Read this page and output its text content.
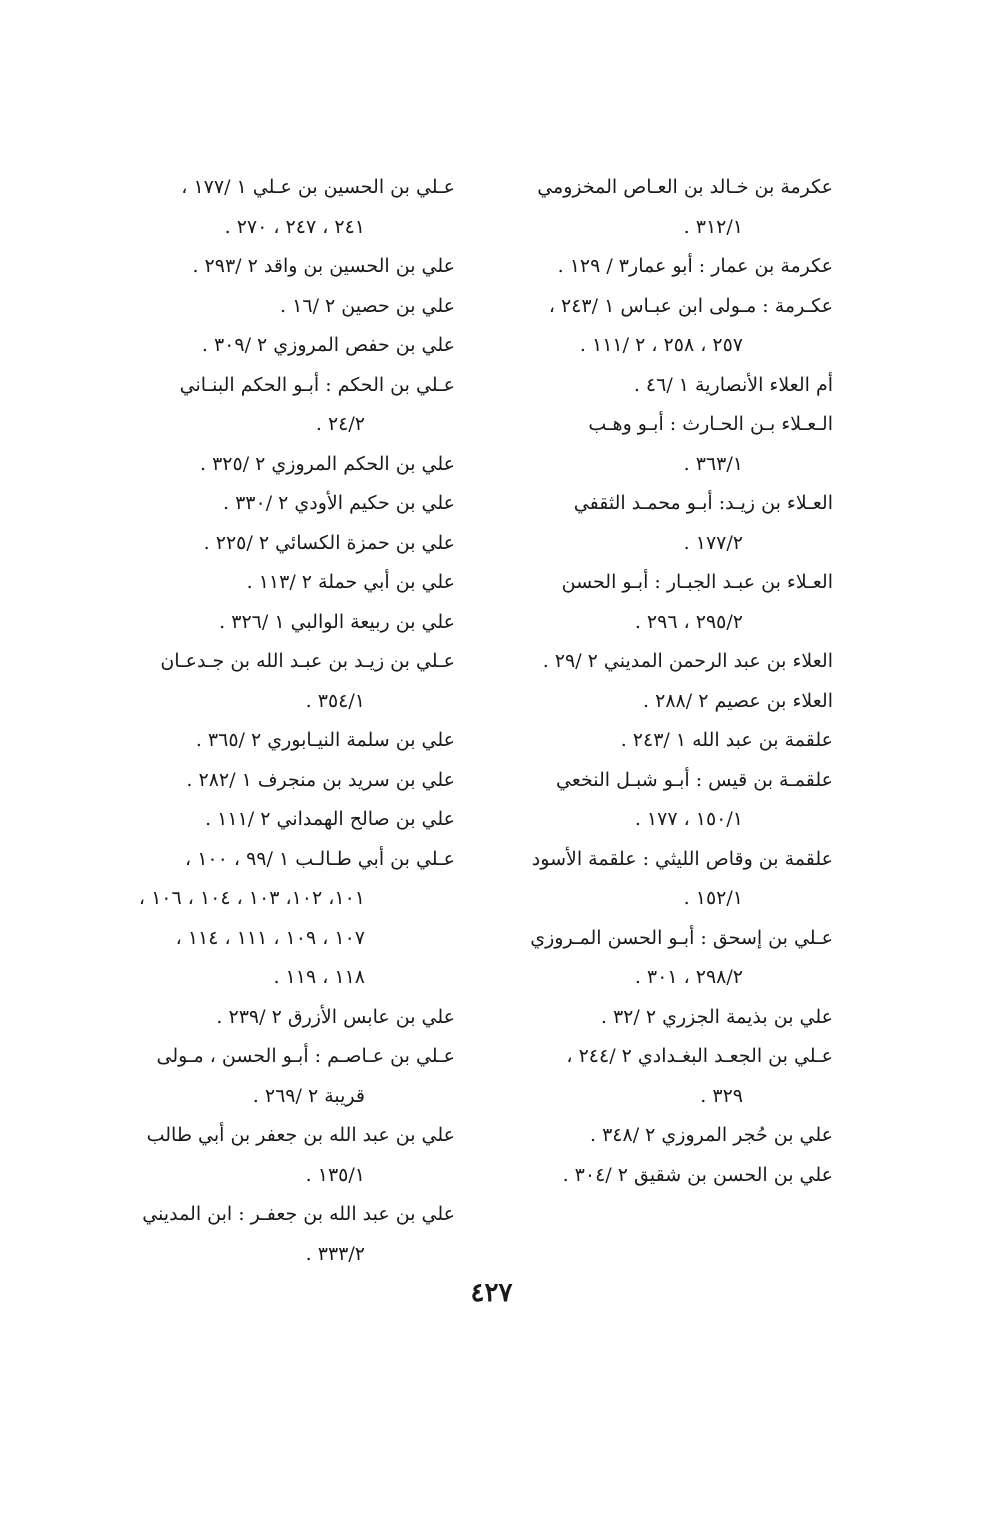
عكرمة بن خـالد بن العـاص المخزومي
٣١٢/١ .
عكرمة بن عمار : أبو عمار٣ / ١٢٩ .
عكـرمة : مـولى ابن عبـاس ١ /٢٤٣ ،
٢٥٧ ، ٢٥٨ ، ٢ /١١١ .
أم العلاء الأنصارية ١ /٤٦ .
الـعـلاء بـن الحـارث : أبـو وهـب
٣٦٣/١ .
العـلاء بن زيـد: أبـو محمـد الثقفي
١٧٧/٢ .
العـلاء بن عبـد الجبـار : أبـو الحسن
٢٩٥/٢ ، ٢٩٦ .
العلاء بن عبد الرحمن المديني ٢ /٢٩ .
العلاء بن عصيم ٢ /٢٨٨ .
علقمة بن عبد الله ١ /٢٤٣ .
علقمـة بن قيس : أبـو شبـل النخعي
١٥٠/١ ، ١٧٧ .
علقمة بن وقاص الليثي : علقمة الأسود
١٥٢/١ .
عـلي بن إسحق : أبـو الحسن المـروزي
٢٩٨/٢ ، ٣٠١ .
علي بن بذيمة الجزري ٢ /٣٢ .
عـلي بن الجعـد البغـدادي ٢ /٢٤٤ ،
٣٢٩ .
علي بن حُجر المروزي ٢ /٣٤٨ .
علي بن الحسن بن شقيق ٢ /٣٠٤ .
عـلي بن الحسين بن عـلي ١ /١٧٧ ،
٢٤١ ، ٢٤٧ ، ٢٧٠ .
علي بن الحسين بن واقد ٢ /٢٩٣ .
علي بن حصين ٢ /١٦ .
علي بن حفص المروزي ٢ /٣٠٩ .
عـلي بن الحكم : أبـو الحكم البنـاني
٢٤/٢ .
علي بن الحكم المروزي ٢ /٣٢٥ .
علي بن حكيم الأودي ٢ /٣٣٠ .
علي بن حمزة الكسائي ٢ /٢٢٥ .
علي بن أبي حملة ٢ /١١٣ .
علي بن ربيعة الوالبي ١ /٣٢٦ .
عـلي بن زيـد بن عبـد الله بن جـدعـان
٣٥٤/١ .
علي بن سلمة النيـابوري ٢ /٣٦٥ .
علي بن سريد بن منجرف ١ /٢٨٢ .
علي بن صالح الهمداني ٢ /١١١ .
عـلي بن أبي طـالـب ١ /٩٩ ، ١٠٠ ،
١٠١، ١٠٢، ١٠٣ ، ١٠٤ ، ١٠٦ ،
١٠٧ ، ١٠٩ ، ١١١ ، ١١٤ ،
١١٨ ، ١١٩ .
علي بن عابس الأزرق ٢ /٢٣٩ .
عـلي بن عـاصـم : أبـو الحسن ، مـولى
قريبة ٢ /٢٦٩ .
علي بن عبد الله بن جعفر بن أبي طالب
١٣٥/١ .
علي بن عبد الله بن جعفـر : ابن المديني
٣٣٣/٢ .
٤٢٧
